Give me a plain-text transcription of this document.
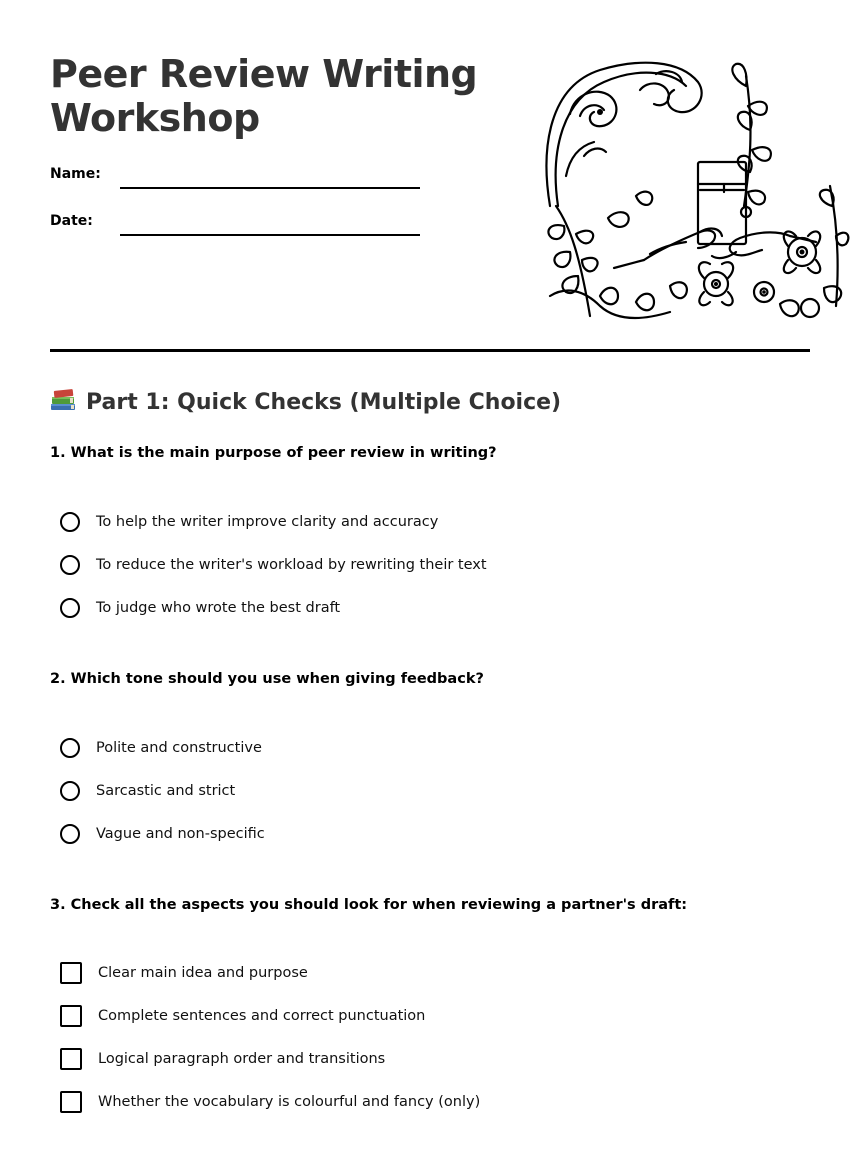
Peer Review Writing Workshop
Name:
Date:
Part 1: Quick Checks (Multiple Choice)

1. What is the main purpose of peer review in writing?

To help the writer improve clarity and accuracy
To reduce the writer's workload by rewriting their text
To judge who wrote the best draft

2. Which tone should you use when giving feedback?

Polite and constructive
Sarcastic and strict
Vague and non-specific

3. Check all the aspects you should look for when reviewing a partner's draft:

Clear main idea and purpose
Complete sentences and correct punctuation
Logical paragraph order and transitions
Whether the vocabulary is colourful and fancy (only)
